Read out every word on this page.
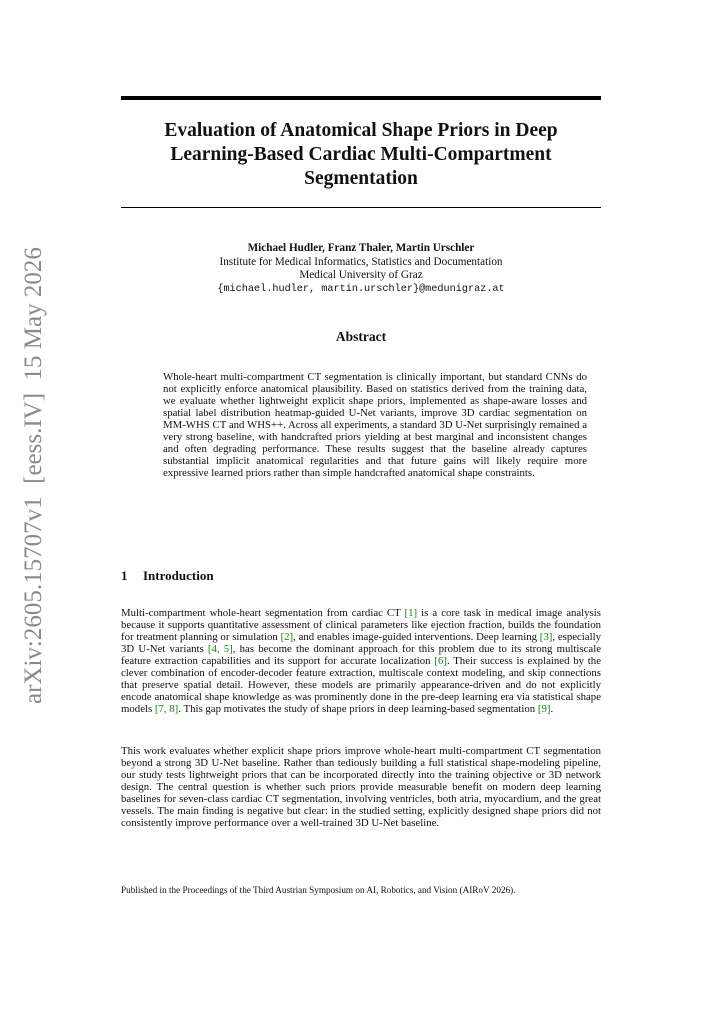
arXiv:2605.15707v1  [eess.IV]  15 May 2026
Evaluation of Anatomical Shape Priors in Deep Learning-Based Cardiac Multi-Compartment Segmentation
Michael Hudler, Franz Thaler, Martin Urschler
Institute for Medical Informatics, Statistics and Documentation
Medical University of Graz
{michael.hudler, martin.urschler}@medunigraz.at
Abstract
Whole-heart multi-compartment CT segmentation is clinically important, but standard CNNs do not explicitly enforce anatomical plausibility. Based on statistics derived from the training data, we evaluate whether lightweight explicit shape priors, implemented as shape-aware losses and spatial label distribution heatmap-guided U-Net variants, improve 3D cardiac segmentation on MM-WHS CT and WHS++. Across all experiments, a standard 3D U-Net surprisingly remained a very strong baseline, with handcrafted priors yielding at best marginal and inconsistent changes and often degrading performance. These results suggest that the baseline already captures substantial implicit anatomical regularities and that future gains will likely require more expressive learned priors rather than simple handcrafted anatomical shape constraints.
1 Introduction

Multi-compartment whole-heart segmentation from cardiac CT [1] is a core task in medical image analysis because it supports quantitative assessment of clinical parameters like ejection fraction, builds the foundation for treatment planning or simulation [2], and enables image-guided interventions. Deep learning [3], especially 3D U-Net variants [4, 5], has become the dominant approach for this problem due to its strong multiscale feature extraction capabilities and its support for accurate localization [6]. Their success is explained by the clever combination of encoder-decoder feature extraction, multiscale context modeling, and skip connections that preserve spatial detail. However, these models are primarily appearance-driven and do not explicitly encode anatomical shape knowledge as was prominently done in the pre-deep learning era via statistical shape models [7, 8]. This gap motivates the study of shape priors in deep learning-based segmentation [9].

This work evaluates whether explicit shape priors improve whole-heart multi-compartment CT segmentation beyond a strong 3D U-Net baseline. Rather than tediously building a full statistical shape-modeling pipeline, our study tests lightweight priors that can be incorporated directly into the training objective or 3D network design. The central question is whether such priors provide measurable benefit on modern deep learning baselines for seven-class cardiac CT segmentation, involving ventricles, both atria, myocardium, and the great vessels. The main finding is negative but clear: in the studied setting, explicitly designed shape priors did not consistently improve performance over a well-trained 3D U-Net baseline.

Published in the Proceedings of the Third Austrian Symposium on AI, Robotics, and Vision (AIRoV 2026).
